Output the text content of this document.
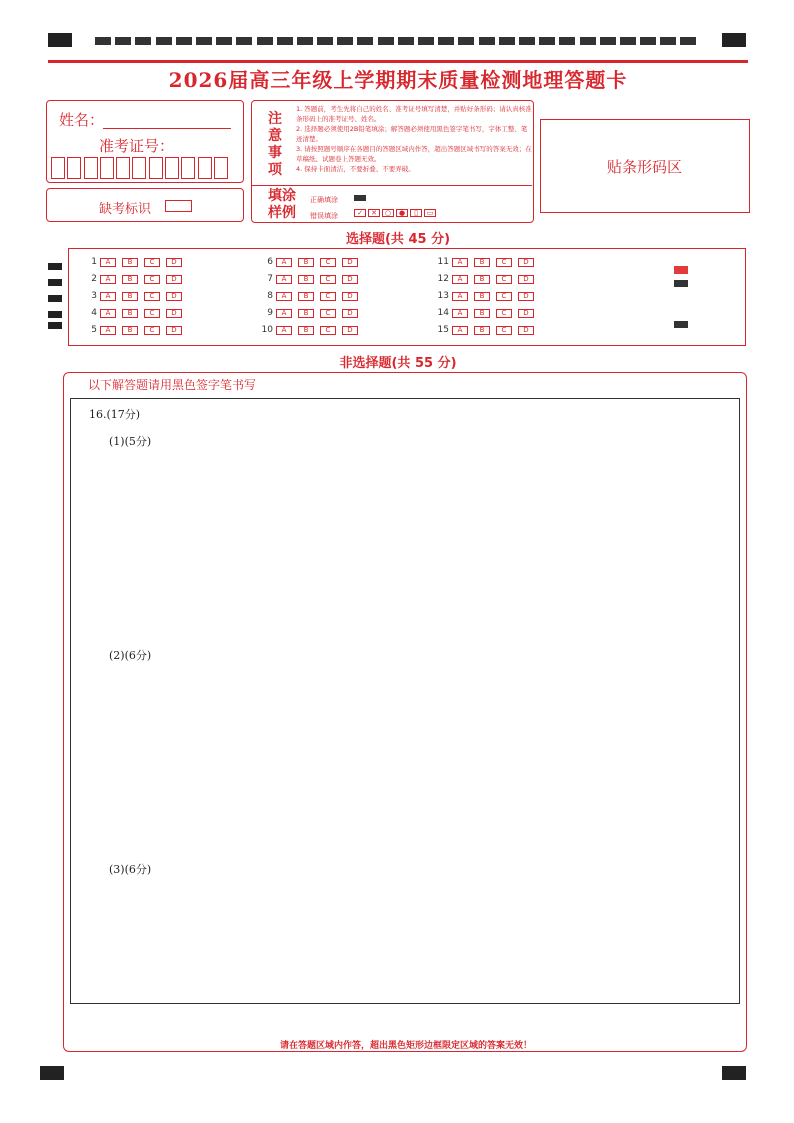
2026届高三年级上学期期末质量检测地理答题卡
姓名：
准考证号：
缺考标识
注意事项
1. 答题前，考生先将自己的姓名、准考证号填写清楚，并贴好条形码；请认真核准条形码上的准考证号、姓名。
2. 选择题必须使用2B铅笔填涂；解答题必须使用黑色签字笔书写，字体工整、笔迹清楚。
3. 请按照题号顺序在各题目的答题区域内作答，超出答题区域书写的答案无效；在草稿纸、试题卷上答题无效。
4. 保持卡面清洁，不要折叠、不要弄破。
填涂样例
正确填涂
错误填涂	✓	✕	○	●	▯	▭
贴条形码区
选择题(共 45 分)
1	A	B	C	D
2	A	B	C	D
3	A	B	C	D
4	A	B	C	D
5	A	B	C	D
6	A	B	C	D
7	A	B	C	D
8	A	B	C	D
9	A	B	C	D
10	A	B	C	D
11	A	B	C	D
12	A	B	C	D
13	A	B	C	D
14	A	B	C	D
15	A	B	C	D
非选择题(共 55 分)
以下解答题请用黑色签字笔书写
16.(17分)
(1)(5分)
(2)(6分)
(3)(6分)
请在答题区域内作答，超出黑色矩形边框限定区域的答案无效！
